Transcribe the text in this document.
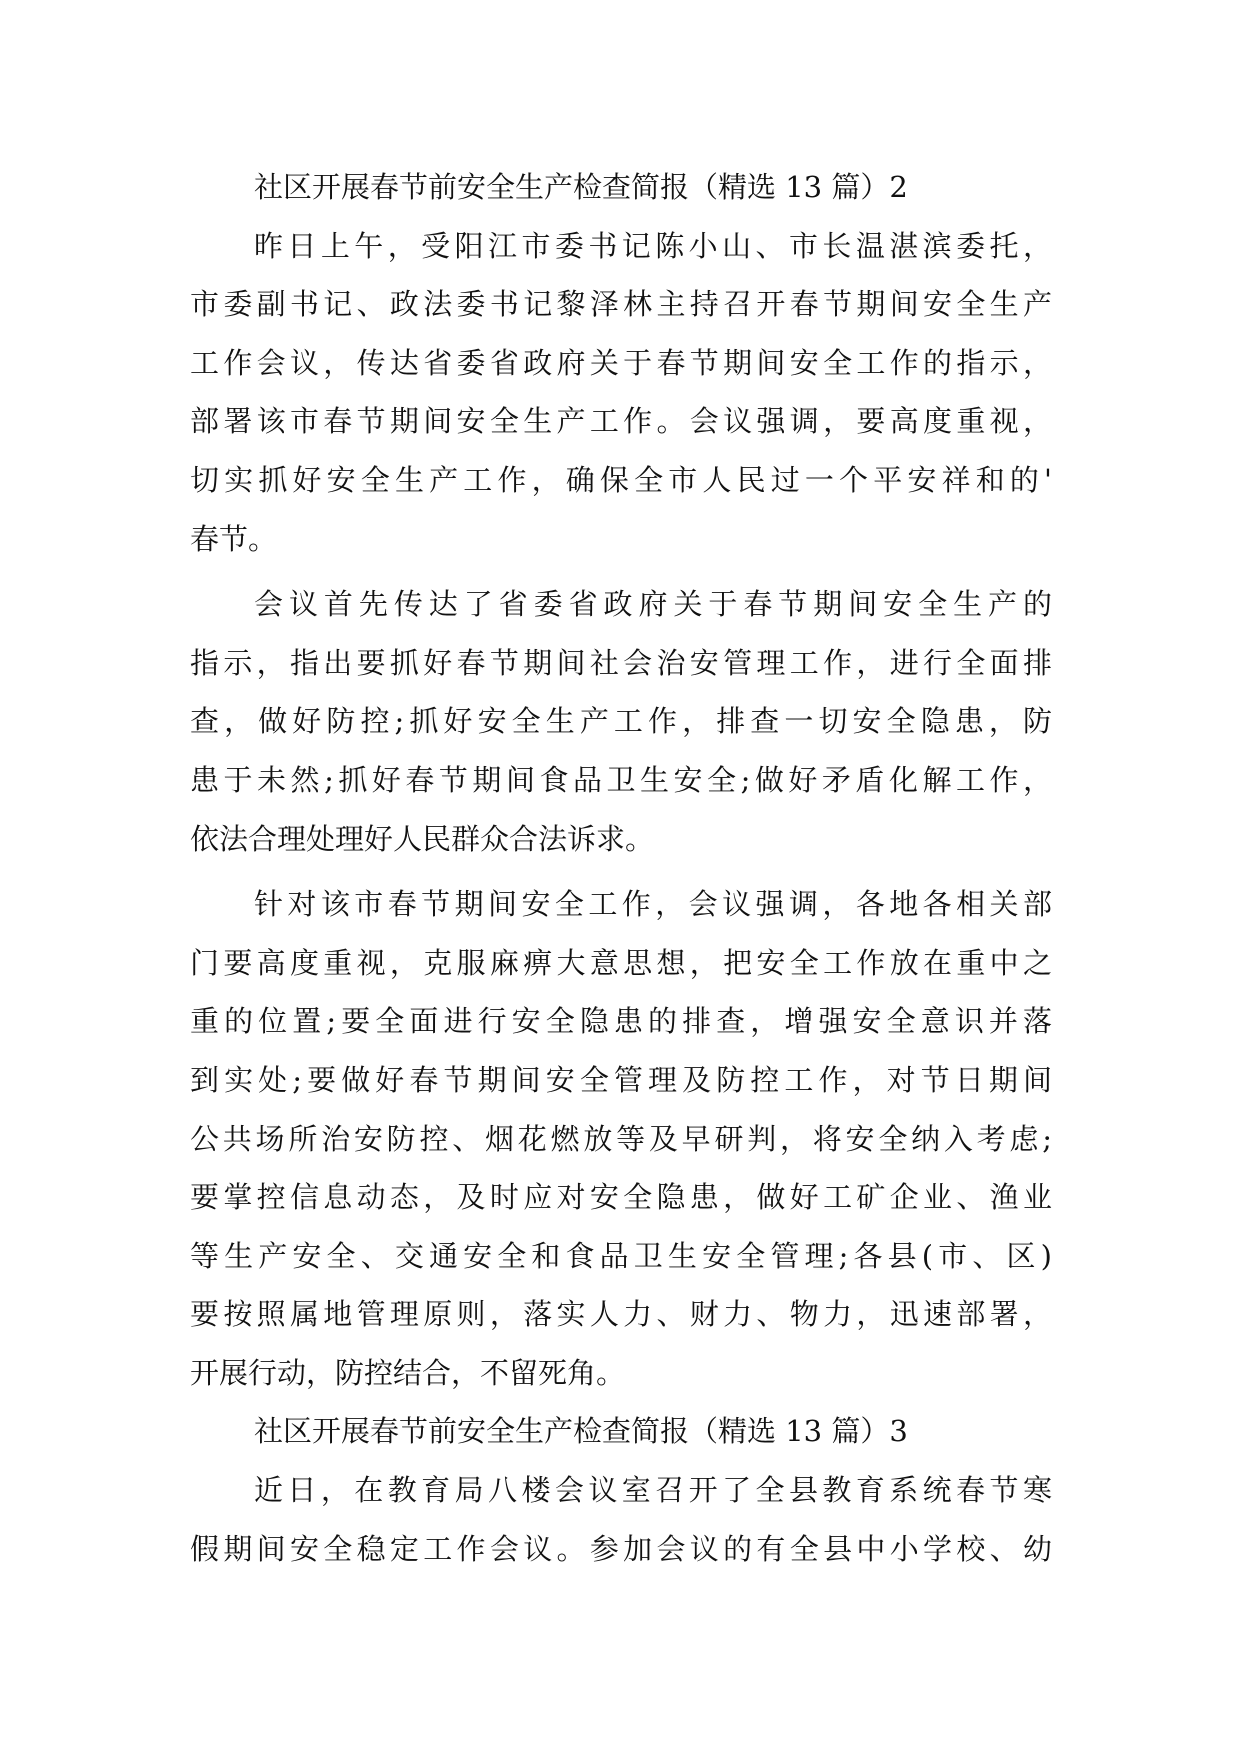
社区开展春节前安全生产检查简报（精选 13 篇）2
昨日上午，受阳江市委书记陈小山、市长温湛滨委托，
市委副书记、政法委书记黎泽林主持召开春节期间安全生产
工作会议，传达省委省政府关于春节期间安全工作的指示，
部署该市春节期间安全生产工作。会议强调，要高度重视，
切实抓好安全生产工作，确保全市人民过一个平安祥和的'
春节。
会议首先传达了省委省政府关于春节期间安全生产的
指示，指出要抓好春节期间社会治安管理工作，进行全面排
查，做好防控;抓好安全生产工作，排查一切安全隐患，防
患于未然;抓好春节期间食品卫生安全;做好矛盾化解工作，
依法合理处理好人民群众合法诉求。
针对该市春节期间安全工作，会议强调，各地各相关部
门要高度重视，克服麻痹大意思想，把安全工作放在重中之
重的位置;要全面进行安全隐患的排查，增强安全意识并落
到实处;要做好春节期间安全管理及防控工作，对节日期间
公共场所治安防控、烟花燃放等及早研判，将安全纳入考虑;
要掌控信息动态，及时应对安全隐患，做好工矿企业、渔业
等生产安全、交通安全和食品卫生安全管理;各县(市、区)
要按照属地管理原则，落实人力、财力、物力，迅速部署，
开展行动，防控结合，不留死角。
社区开展春节前安全生产检查简报（精选 13 篇）3
近日，在教育局八楼会议室召开了全县教育系统春节寒
假期间安全稳定工作会议。参加会议的有全县中小学校、幼
